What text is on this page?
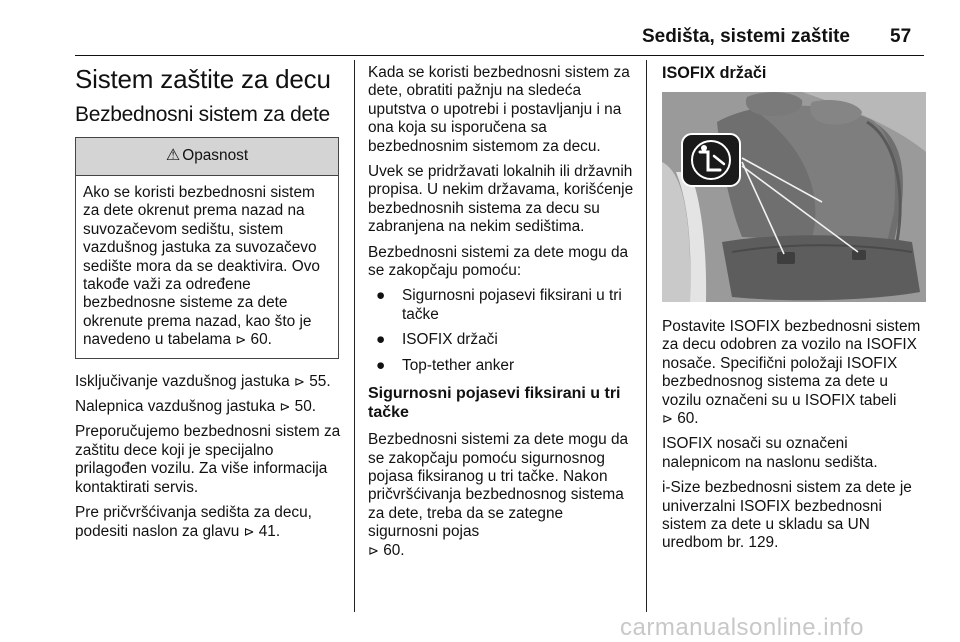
Sedišta, sistemi zaštite 57
Sistem zaštite za decu
Bezbednosni sistem za dete
⚠ Opasnost
Ako se koristi bezbednosni sistem za dete okrenut prema nazad na suvozačevom sedištu, sistem vazdušnog jastuka za suvozačevo sedište mora da se deaktivira. Ovo takođe važi za određene bezbednosne sisteme za dete okrenute prema nazad, kao što je navedeno u tabelama ⊳ 60.

Isključivanje vazdušnog jastuka ⊳ 55.

Nalepnica vazdušnog jastuka ⊳ 50.

Preporučujemo bezbednosni sistem za zaštitu dece koji je specijalno prilagođen vozilu. Za više informacija kontaktirati servis.

Pre pričvršćivanja sedišta za decu, podesiti naslon za glavu ⊳ 41.

Kada se koristi bezbednosni sistem za dete, obratiti pažnju na sledeća uputstva o upotrebi i postavljanju i na ona koja su isporučena sa bezbednosnim sistemom za decu.

Uvek se pridržavati lokalnih ili državnih propisa. U nekim državama, korišćenje bezbednosnih sistema za decu su zabranjena na nekim sedištima.

Bezbednosni sistemi za dete mogu da se zakopčaju pomoću:

● Sigurnosni pojasevi fiksirani u tri tačke
● ISOFIX držači
● Top-tether anker
Sigurnosni pojasevi fiksirani u tri tačke

Bezbednosni sistemi za dete mogu da se zakopčaju pomoću sigurnosnog pojasa fiksiranog u tri tačke. Nakon pričvršćivanja bezbednosnog sistema za dete, treba da se zategne sigurnosni pojas
⊳ 60.

ISOFIX držači

Postavite ISOFIX bezbednosni sistem za decu odobren za vozilo na ISOFIX nosače. Specifični položaji ISOFIX bezbednosnog sistema za dete u vozilu označeni su u ISOFIX tabeli ⊳ 60.

ISOFIX nosači su označeni nalepnicom na naslonu sedišta.

i-Size bezbednosni sistem za dete je univerzalni ISOFIX bezbednosni sistem za dete u skladu sa UN uredbom br. 129.

carmanualsonline.info
